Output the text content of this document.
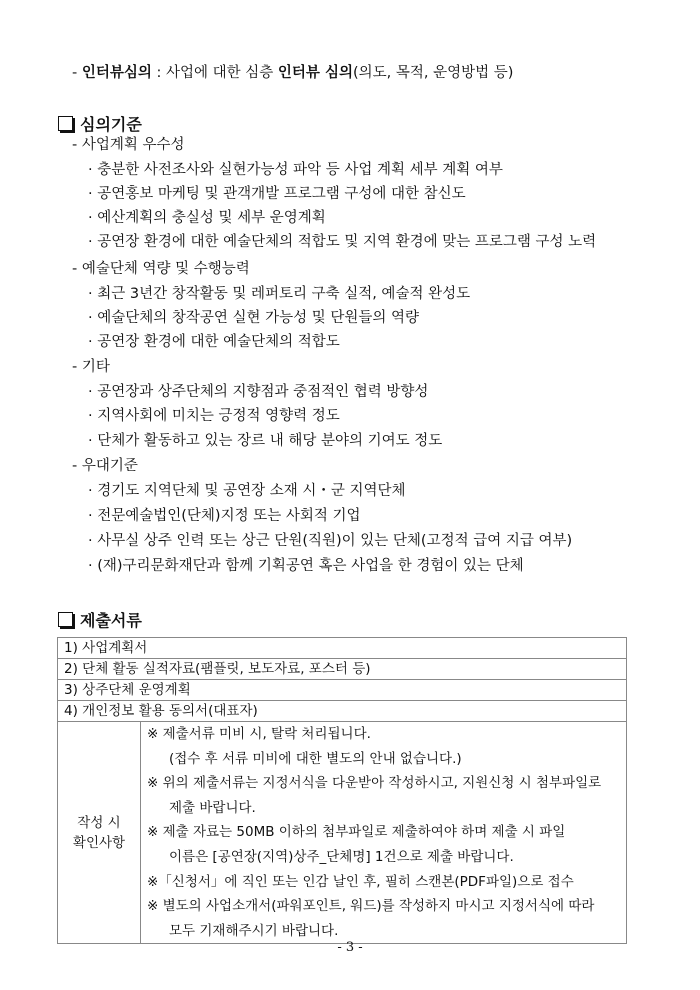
- 인터뷰심의 : 사업에 대한 심층 인터뷰 심의(의도, 목적, 운영방법 등)
심의기준
- 사업계획 우수성
· 충분한 사전조사와 실현가능성 파악 등 사업 계획 세부 계획 여부
· 공연홍보 마케팅 및 관객개발 프로그램 구성에 대한 참신도
· 예산계획의 충실성 및 세부 운영계획
· 공연장 환경에 대한 예술단체의 적합도 및 지역 환경에 맞는 프로그램 구성 노력
- 예술단체 역량 및 수행능력
· 최근 3년간 창작활동 및 레퍼토리 구축 실적, 예술적 완성도
· 예술단체의 창작공연 실현 가능성 및 단원들의 역량
· 공연장 환경에 대한 예술단체의 적합도
- 기타
· 공연장과 상주단체의 지향점과 중점적인 협력 방향성
· 지역사회에 미치는 긍정적 영향력 정도
· 단체가 활동하고 있는 장르 내 해당 분야의 기여도 정도
- 우대기준
· 경기도 지역단체 및 공연장 소재 시・군 지역단체
· 전문예술법인(단체)지정 또는 사회적 기업
· 사무실 상주 인력 또는 상근 단원(직원)이 있는 단체(고정적 급여 지급 여부)
· (재)구리문화재단과 함께 기획공연 혹은 사업을 한 경험이 있는 단체
제출서류
1) 사업계획서
2) 단체 활동 실적자료(팸플릿, 보도자료, 포스터 등)
3) 상주단체 운영계획
4) 개인정보 활용 동의서(대표자)

작성 시
확인사항

※ 제출서류 미비 시, 탈락 처리됩니다.
(접수 후 서류 미비에 대한 별도의 안내 없습니다.)
※ 위의 제출서류는 지정서식을 다운받아 작성하시고, 지원신청 시 첨부파일로
제출 바랍니다.
※ 제출 자료는 50MB 이하의 첨부파일로 제출하여야 하며 제출 시 파일
이름은 [공연장(지역)상주_단체명] 1건으로 제출 바랍니다.
※「신청서」에 직인 또는 인감 날인 후, 필히 스캔본(PDF파일)으로 접수
※ 별도의 사업소개서(파워포인트, 워드)를 작성하지 마시고 지정서식에 따라
모두 기재해주시기 바랍니다.
- 3 -
